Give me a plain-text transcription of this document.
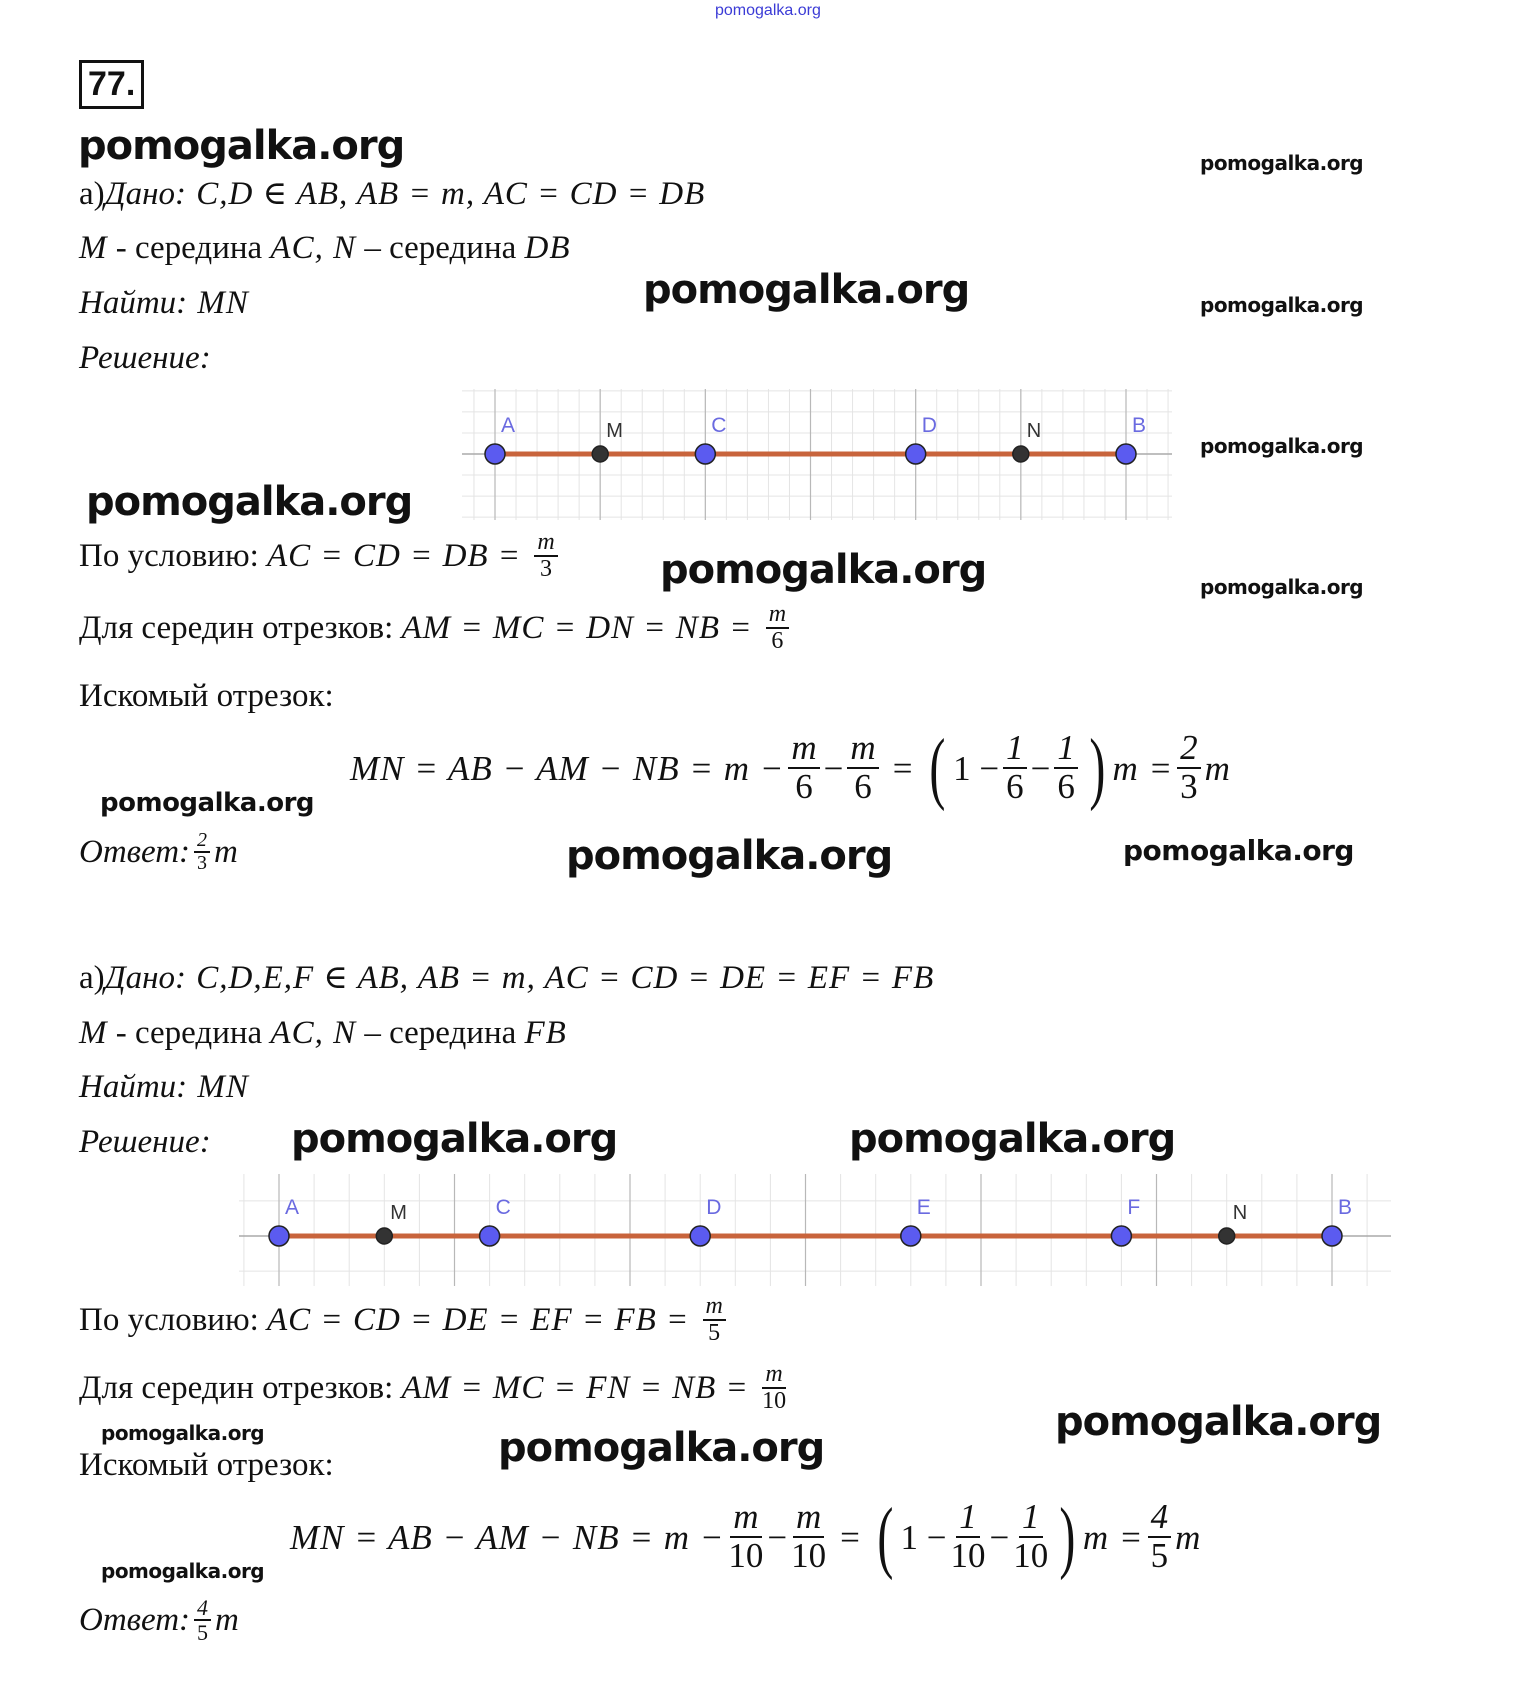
pomogalka.org
77.
pomogalka.org	pomogalka.org
pomogalka.org	pomogalka.org
pomogalka.org
pomogalka.org
pomogalka.org	pomogalka.org
pomogalka.org
pomogalka.org	pomogalka.org
pomogalka.org	pomogalka.org
pomogalka.org	pomogalka.org
pomogalka.org
pomogalka.org
а) Дано : C,D ∈ AB, AB = m, AC = CD = DB
M - середина AC, N – середина DB
Найти : MN
Решение:
A	M	C	D	N	B
По условию: AC = CD = DB = $\frac{m}{3}$
Для середин отрезков: AM = MC = DN = NB = $\frac{m}{6}$
Искомый отрезок:
MN = AB − AM − NB = $m - \frac{m}{6} - \frac{m}{6}$ = ( $1 - \frac{1}{6} - \frac{1}{6}$ ) $m = \frac{2}{3}$ m
Ответ: $\frac{2}{3}$ m
а) Дано : C,D,E,F ∈ AB, AB = m, AC = CD = DE = EF = FB
M - середина AC, N – середина FB
Найти : MN
Решение:
A	M	C	D	E	F	N	B
По условию: AC = CD = DE = EF = FB = $\frac{m}{5}$
Для середин отрезков: AM = MC = FN = NB = $\frac{m}{10}$
Искомый отрезок:
MN = AB − AM − NB = $m - \frac{m}{10} - \frac{m}{10}$ = ( $1 - \frac{1}{10} - \frac{1}{10}$ ) $m = \frac{4}{5}$ m
Ответ: $\frac{4}{5}$ m
